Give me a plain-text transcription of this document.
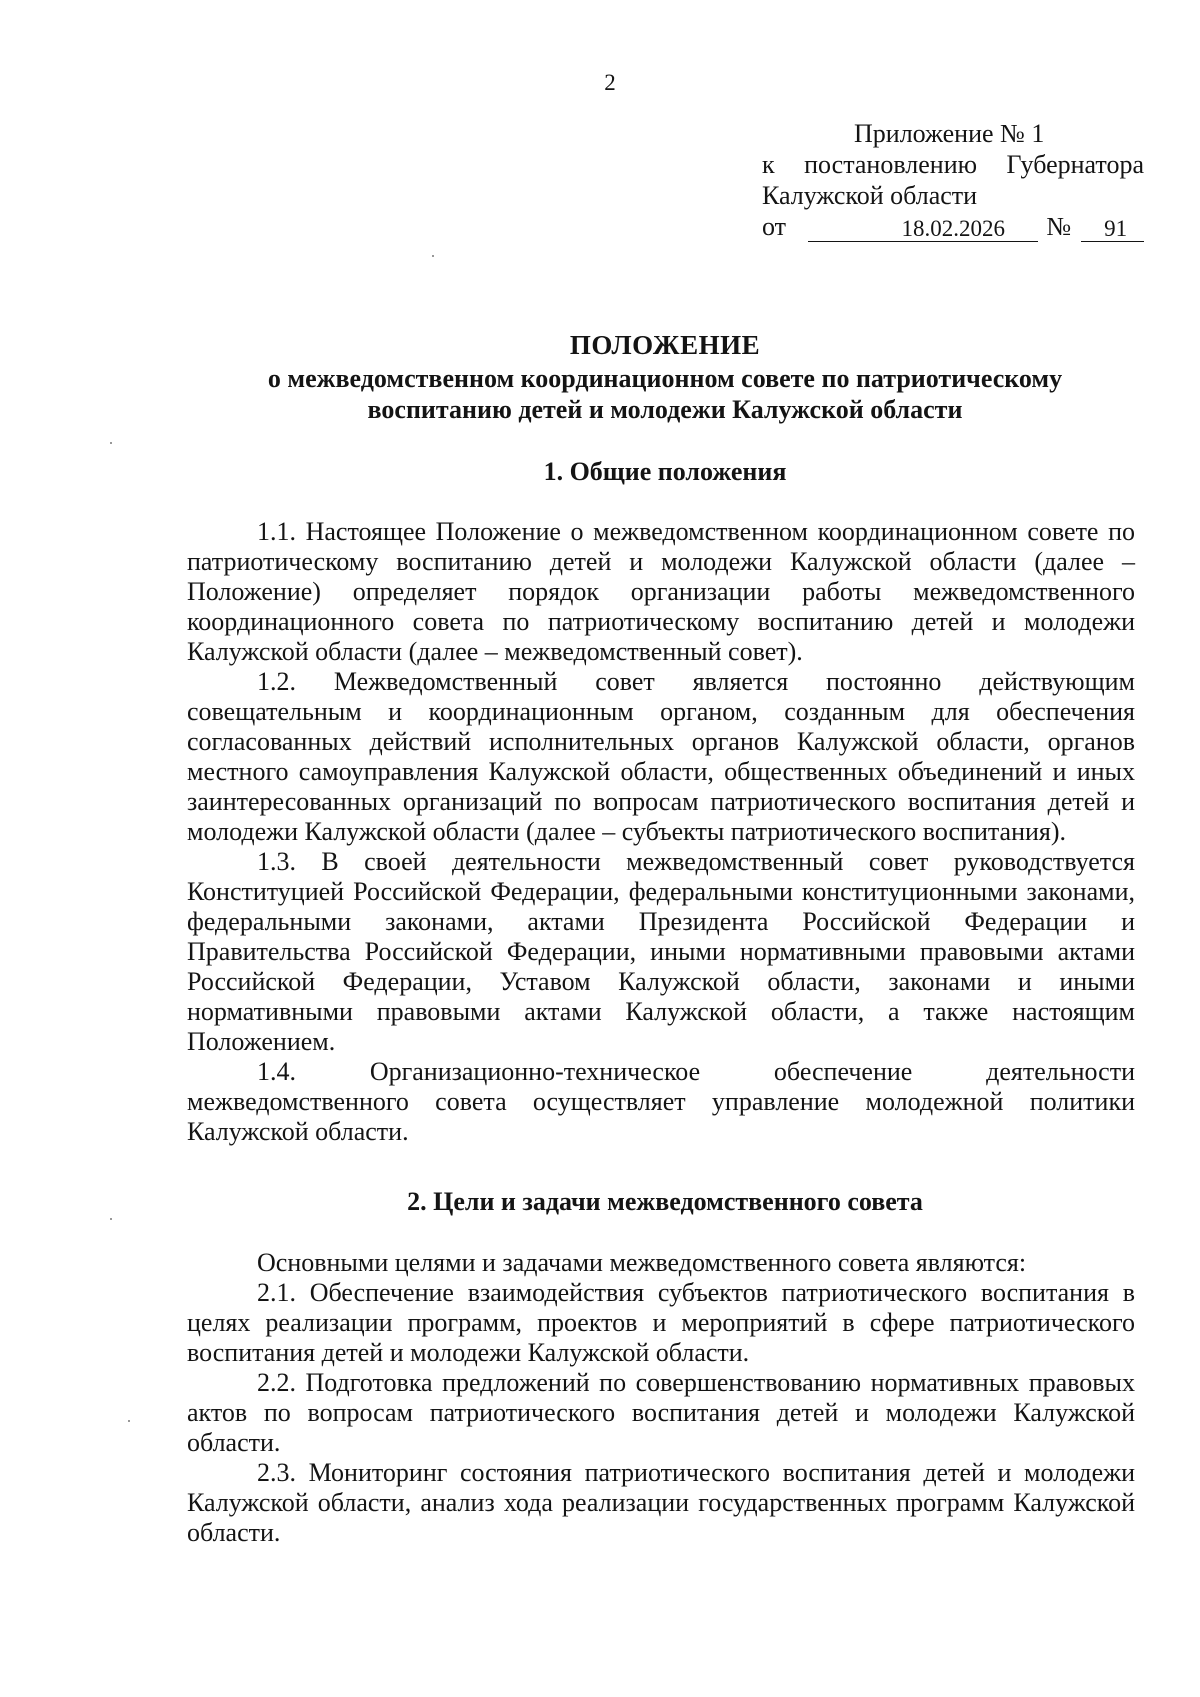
2
Приложение № 1
к постановлению Губернатора
Калужской области
от	18.02.2026	№	91
ПОЛОЖЕНИЕ
о межведомственном координационном совете по патриотическому
воспитанию детей и молодежи Калужской области
1. Общие положения

1.1. Настоящее Положение о межведомственном координационном совете по патриотическому воспитанию детей и молодежи Калужской области (далее – Положение) определяет порядок организации работы межведомственного координационного совета по патриотическому воспитанию детей и молодежи Калужской области (далее – межведомственный совет).

1.2. Межведомственный совет является постоянно действующим совещательным и координационным органом, созданным для обеспечения согласованных действий исполнительных органов Калужской области, органов местного самоуправления Калужской области, общественных объединений и иных заинтересованных организаций по вопросам патриотического воспитания детей и молодежи Калужской области (далее – субъекты патриотического воспитания).

1.3. В своей деятельности межведомственный совет руководствуется Конституцией Российской Федерации, федеральными конституционными законами, федеральными законами, актами Президента Российской Федерации и Правительства Российской Федерации, иными нормативными правовыми актами Российской Федерации, Уставом Калужской области, законами и иными нормативными правовыми актами Калужской области, а также настоящим Положением.

1.4. Организационно-техническое обеспечение деятельности межведомственного совета осуществляет управление молодежной политики Калужской области.

2. Цели и задачи межведомственного совета

Основными целями и задачами межведомственного совета являются:

2.1. Обеспечение взаимодействия субъектов патриотического воспитания в целях реализации программ, проектов и мероприятий в сфере патриотического воспитания детей и молодежи Калужской области.

2.2. Подготовка предложений по совершенствованию нормативных правовых актов по вопросам патриотического воспитания детей и молодежи Калужской области.

2.3. Мониторинг состояния патриотического воспитания детей и молодежи Калужской области, анализ хода реализации государственных программ Калужской области.
